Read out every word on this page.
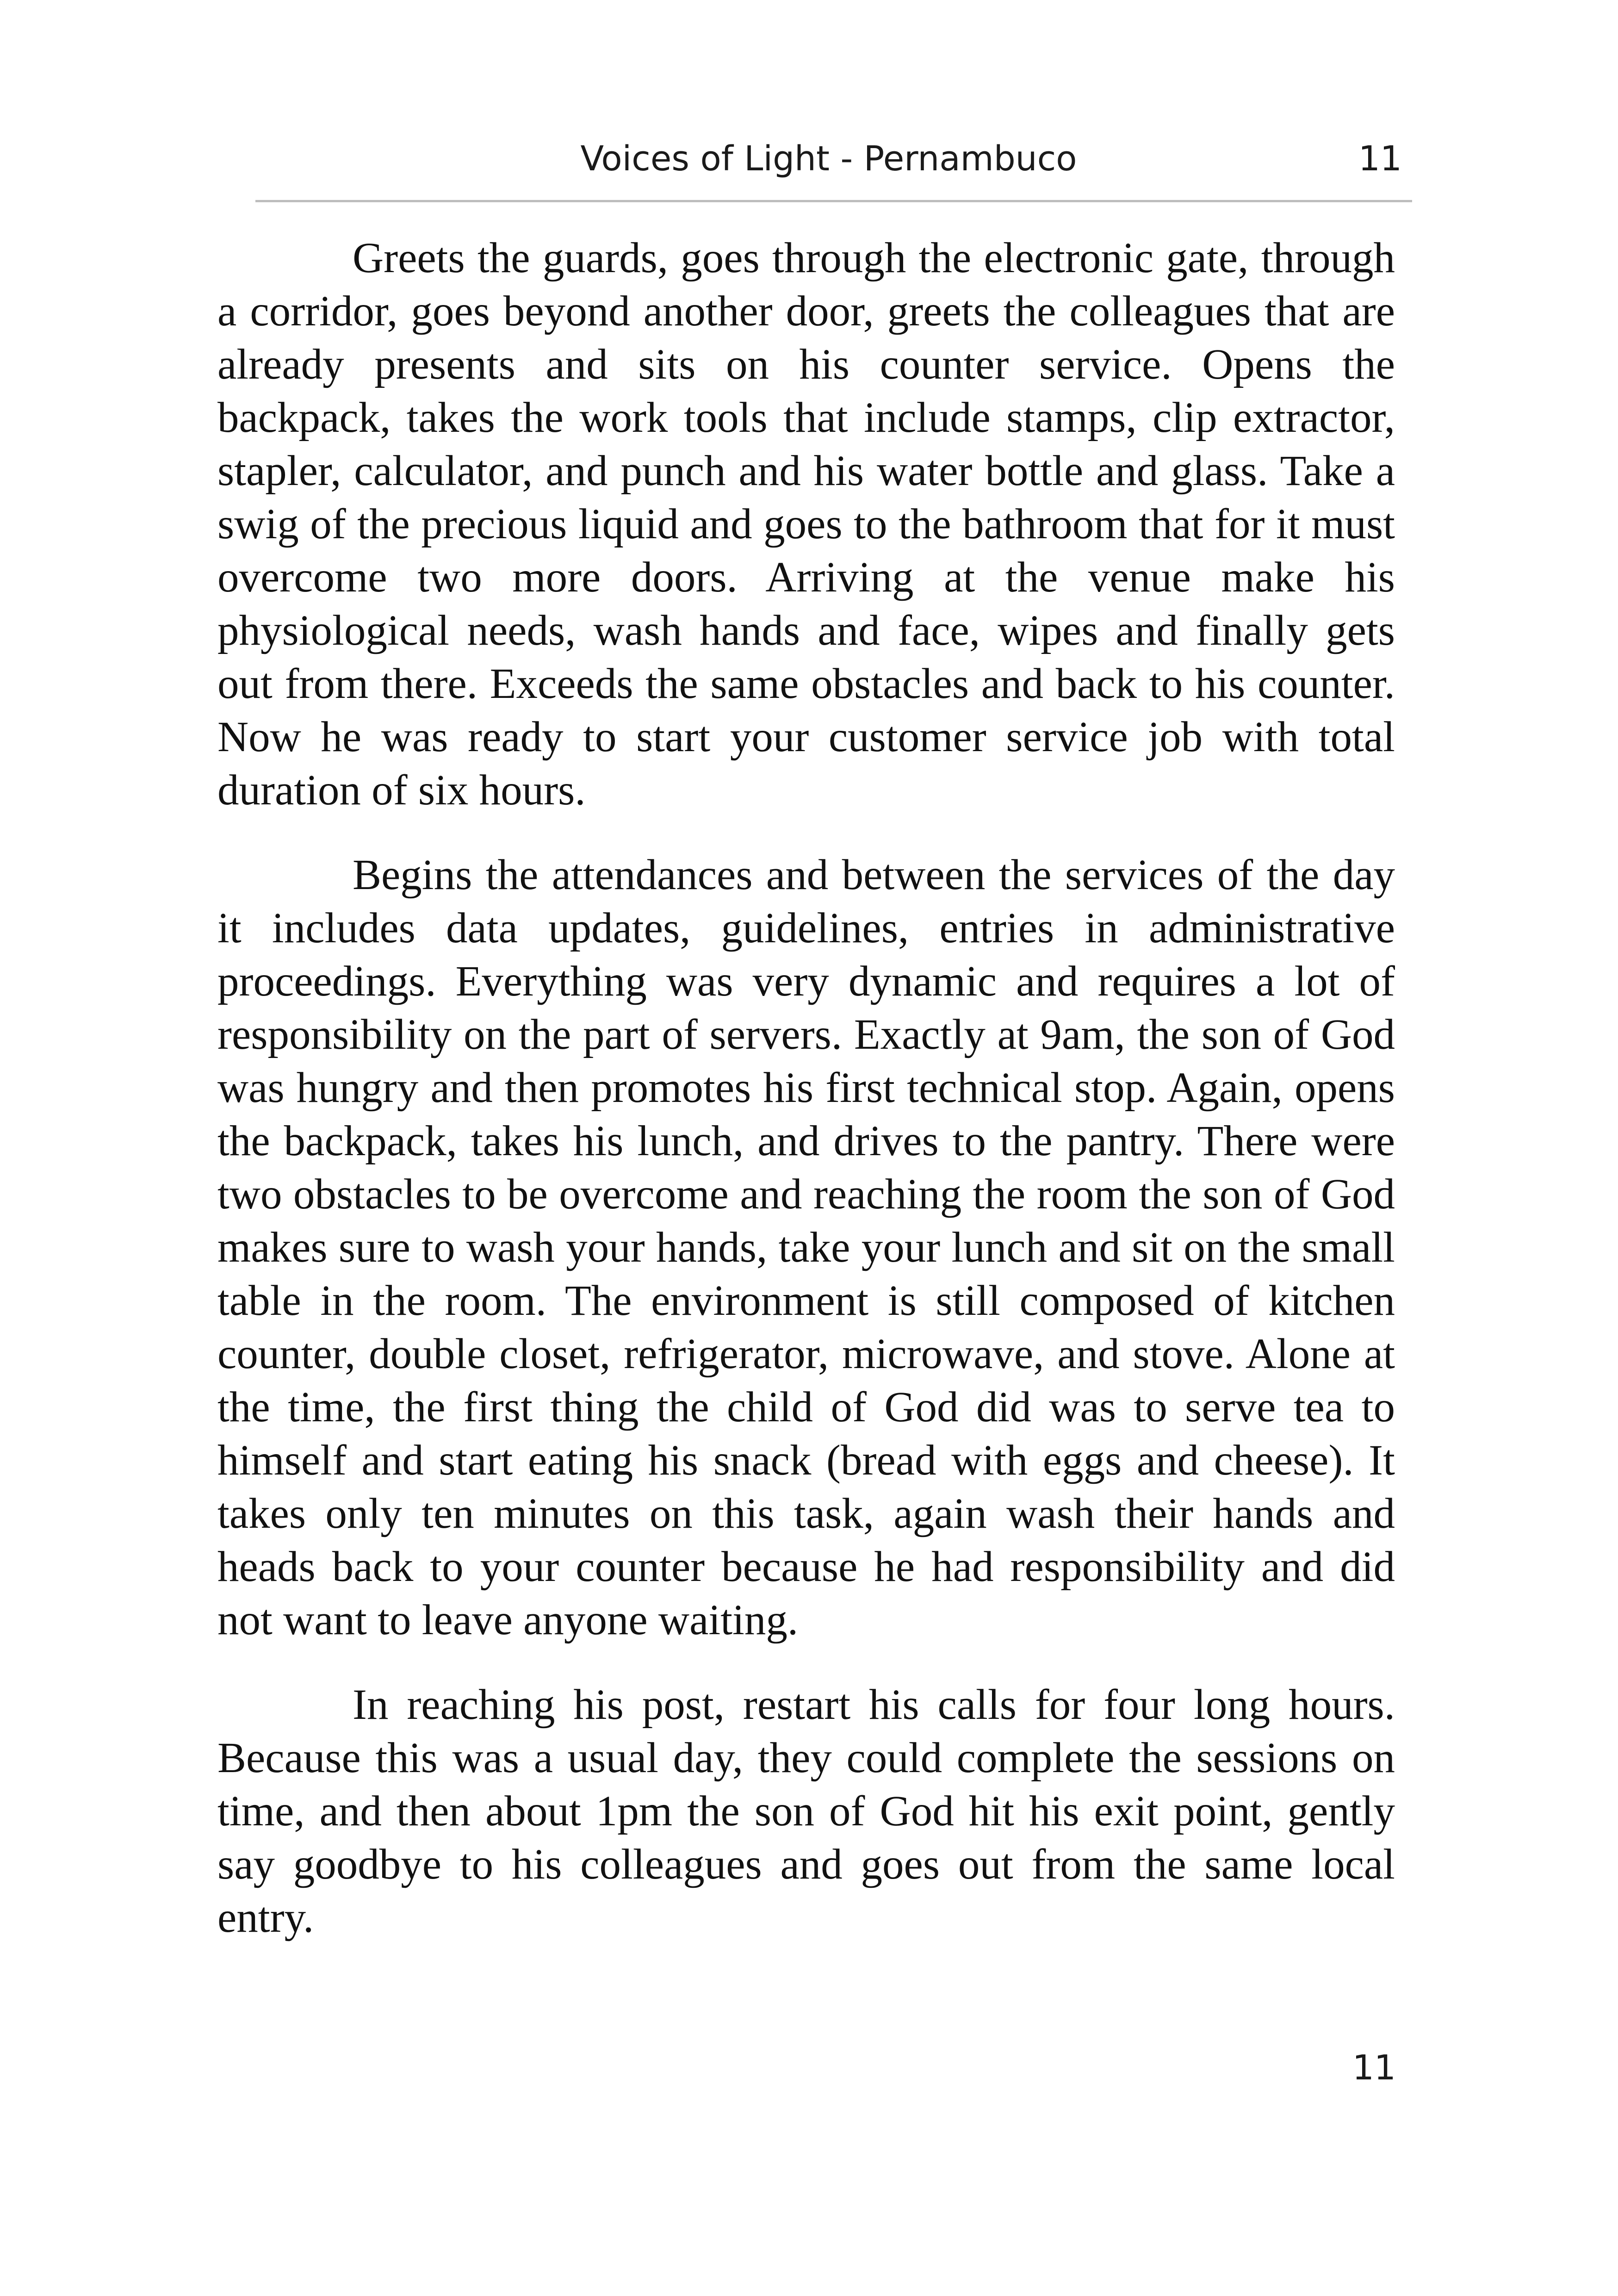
Voices of Light - Pernambuco	11

Greets the guards, goes through the electronic gate, through a corridor, goes beyond another door, greets the colleagues that are already presents and sits on his counter service. Opens the backpack, takes the work tools that include stamps, clip extractor, stapler, calculator, and punch and his water bottle and glass. Take a swig of the precious liquid and goes to the bathroom that for it must overcome two more doors. Arriving at the venue make his physiological needs, wash hands and face, wipes and finally gets out from there. Exceeds the same obstacles and back to his counter. Now he was ready to start your customer service job with total duration of six hours.

Begins the attendances and between the services of the day it includes data updates, guidelines, entries in administrative proceedings. Everything was very dynamic and requires a lot of responsibility on the part of servers. Exactly at 9am, the son of God was hungry and then promotes his first technical stop. Again, opens the backpack, takes his lunch, and drives to the pantry. There were two obstacles to be overcome and reaching the room the son of God makes sure to wash your hands, take your lunch and sit on the small table in the room. The environment is still composed of kitchen counter, double closet, refrigerator, microwave, and stove. Alone at the time, the first thing the child of God did was to serve tea to himself and start eating his snack (bread with eggs and cheese). It takes only ten minutes on this task, again wash their hands and heads back to your counter because he had responsibility and did not want to leave anyone waiting.

In reaching his post, restart his calls for four long hours. Because this was a usual day, they could complete the sessions on time, and then about 1pm the son of God hit his exit point, gently say goodbye to his colleagues and goes out from the same local entry.

11
